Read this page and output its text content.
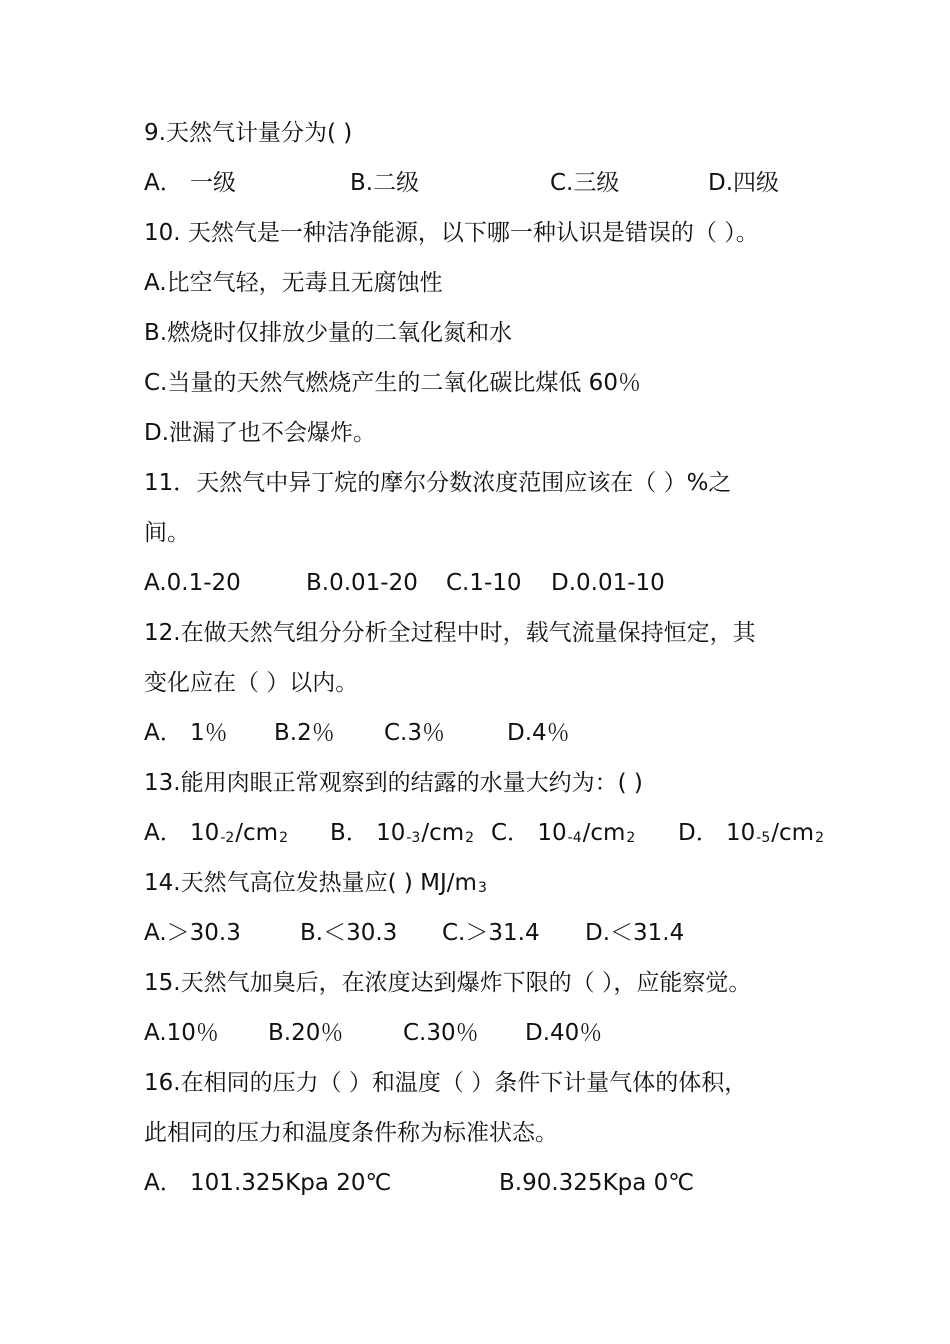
9.天然气计量分为( )
A． 一级	B.二级	C.三级	D.四级
10. 天然气是一种洁净能源，以下哪一种认识是错误的（ ）。
A.比空气轻，无毒且无腐蚀性
B.燃烧时仅排放少量的二氧化氮和水
C.当量的天然气燃烧产生的二氧化碳比煤低 60％
D.泄漏了也不会爆炸。
11．天然气中异丁烷的摩尔分数浓度范围应该在（ ）%之
间。
A.0.1-20	B.0.01-20 C.1-10 D.0.01-10
12.在做天然气组分分析全过程中时，载气流量保持恒定，其
变化应在（ ）以内。
A． 1％ B.2％ C.3％	D.4％
13.能用肉眼正常观察到的结露的水量大约为：( )
A． $10_{-2}/cm_2$ B． $10_{-3}/cm_2$ C． $10_{-4}/cm_2$ D． $10_{-5}/cm_2$
14.天然气高位发热量应( ) $MJ/m_3$
A.＞30.3	B.＜30.3 C.＞31.4 D.＜31.4
15.天然气加臭后，在浓度达到爆炸下限的（ ），应能察觉。
A.10％ B.20％	C.30％ D.40％
16.在相同的压力（ ）和温度（ ）条件下计量气体的体积，
此相同的压力和温度条件称为标准状态。
A． 101.325Kpa 20℃	B.90.325Kpa 0℃
